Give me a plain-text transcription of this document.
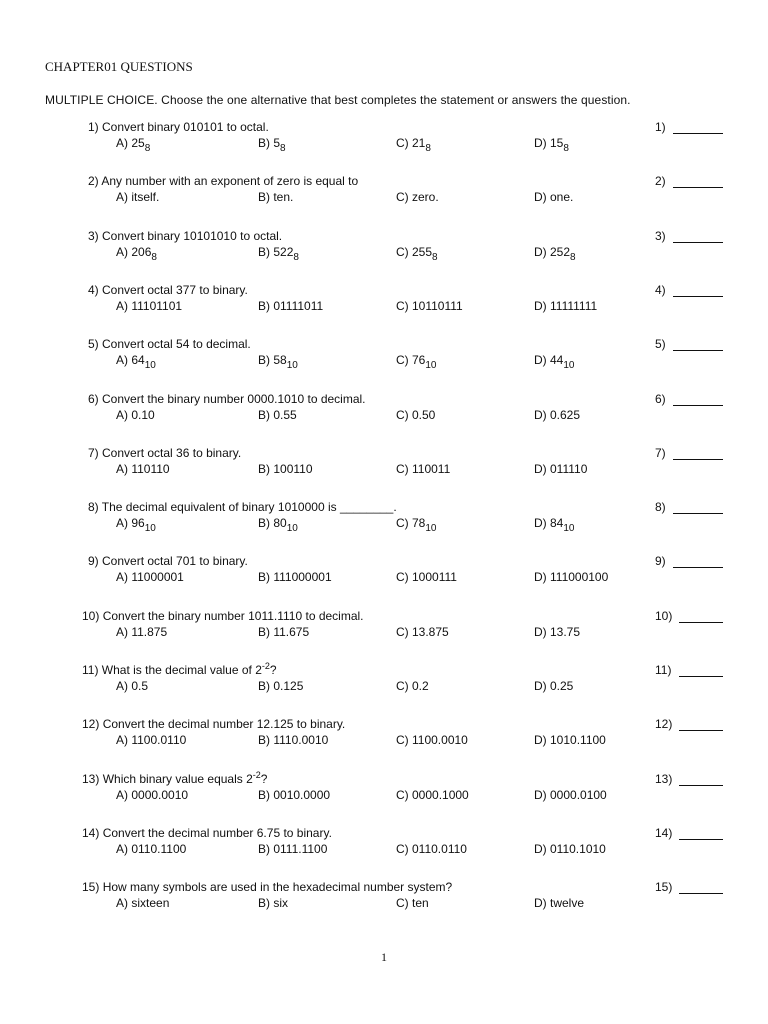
CHAPTER01 QUESTIONS
MULTIPLE CHOICE. Choose the one alternative that best completes the statement or answers the question.
1) Convert binary 010101 to octal.	1)
A) $25_8$	B) $5_8$	C) $21_8$	D) $15_8$
2) Any number with an exponent of zero is equal to	2)
A) itself.	B) ten.	C) zero.	D) one.
3) Convert binary 10101010 to octal.	3)
A) $206_8$	B) $522_8$	C) $255_8$	D) $252_8$
4) Convert octal 377 to binary.	4)
A) 11101101	B) 01111011	C) 10110111	D) 11111111
5) Convert octal 54 to decimal.	5)
A) $64_{10}$	B) $58_{10}$	C) $76_{10}$	D) $44_{10}$
6) Convert the binary number 0000.1010 to decimal.	6)
A) 0.10	B) 0.55	C) 0.50	D) 0.625
7) Convert octal 36 to binary.	7)
A) 110110	B) 100110	C) 110011	D) 011110
8) The decimal equivalent of binary 1010000 is ________.	8)
A) $96_{10}$	B) $80_{10}$	C) $78_{10}$	D) $84_{10}$
9) Convert octal 701 to binary.	9)
A) 11000001	B) 111000001	C) 1000111	D) 111000100
10) Convert the binary number 1011.1110 to decimal.	10)
A) 11.875	B) 11.675	C) 13.875	D) 13.75
11) What is the decimal value of $2^{-2}$?	11)
A) 0.5	B) 0.125	C) 0.2	D) 0.25
12) Convert the decimal number 12.125 to binary.	12)
A) 1100.0110	B) 1110.0010	C) 1100.0010	D) 1010.1100
13) Which binary value equals $2^{-2}$?	13)
A) 0000.0010	B) 0010.0000	C) 0000.1000	D) 0000.0100
14) Convert the decimal number 6.75 to binary.	14)
A) 0110.1100	B) 0111.1100	C) 0110.0110	D) 0110.1010
15) How many symbols are used in the hexadecimal number system?	15)
A) sixteen	B) six	C) ten	D) twelve
1
